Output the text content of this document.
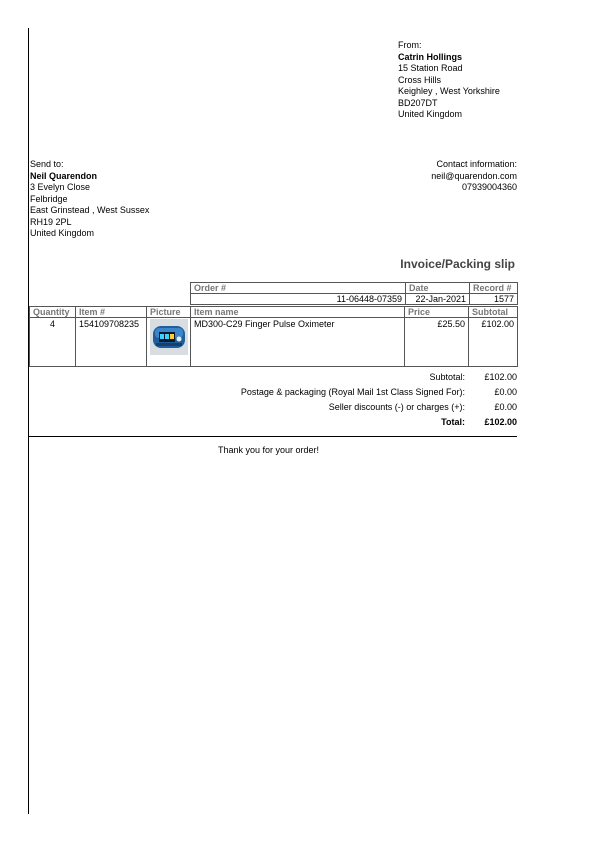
From:
Catrin Hollings
15 Station Road
Cross Hills
Keighley , West Yorkshire
BD207DT
United Kingdom
Send to:
Neil Quarendon
3 Evelyn Close
Felbridge
East Grinstead , West Sussex
RH19 2PL
United Kingdom
Contact information:
neil@quarendon.com
07939004360
Invoice/Packing slip
Order #	Date	Record #
11-06448-07359	22-Jan-2021	1577
Quantity	Item #	Picture	Item name	Price	Subtotal
4	154109708235		MD300-C29 Finger Pulse Oximeter	£25.50	£102.00
Subtotal:	£102.00
Postage & packaging (Royal Mail 1st Class Signed For):	£0.00
Seller discounts (-) or charges (+):	£0.00
Total:	£102.00
Thank you for your order!
